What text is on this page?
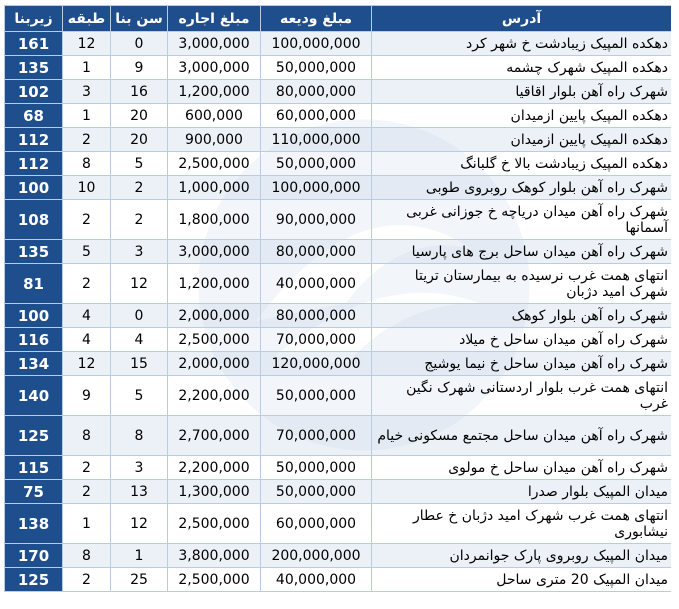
زیربنا	طبقه	سن بنا	مبلغ اجاره	مبلغ ودیعه	آدرس
161	12	0	3,000,000	100,000,000	دهکده المپیک زیبادشت خ شهر کرد
135	1	9	3,000,000	50,000,000	دهکده المپیک شهرک چشمه
102	3	16	1,200,000	80,000,000	شهرک راه آهن بلوار اقاقیا
68	1	20	600,000	60,000,000	دهکده المپیک پایین ازمیدان
112	2	20	900,000	110,000,000	دهکده المپیک پایین ازمیدان
112	8	5	2,500,000	50,000,000	دهکده المپیک زیبادشت بالا خ گلبانگ
100	10	2	1,000,000	100,000,000	شهرک راه آهن بلوار کوهک روبروی طوبی
108	2	2	1,800,000	90,000,000	شهرک راه آهن میدان دریاچه خ جوزانی غربی آسمانها
135	5	3	3,000,000	80,000,000	شهرک راه آهن میدان ساحل برج های پارسیا
81	2	12	1,200,000	40,000,000	انتهای همت غرب نرسیده به بیمارستان تریتا شهرک امید دژبان
100	4	0	2,000,000	80,000,000	شهرک راه آهن بلوار کوهک
116	4	4	2,500,000	70,000,000	شهرک راه آهن میدان ساحل خ میلاد
134	12	15	2,000,000	120,000,000	شهرک راه آهن میدان ساحل خ نیما یوشیج
140	9	5	2,200,000	50,000,000	انتهای همت غرب بلوار اردستانی شهرک نگین غرب
125	8	8	2,700,000	70,000,000	شهرک راه آهن میدان ساحل مجتمع مسکونی خیام
115	2	3	2,200,000	50,000,000	شهرک راه آهن میدان ساحل خ مولوی
75	2	13	1,300,000	50,000,000	میدان المپیک بلوار صدرا
138	1	12	2,500,000	60,000,000	انتهای همت غرب شهرک امید دژبان خ عطار نیشابوری
170	8	1	3,800,000	200,000,000	میدان المپیک روبروی پارک جوانمردان
125	2	25	2,500,000	40,000,000	میدان المپیک 20 متری ساحل
